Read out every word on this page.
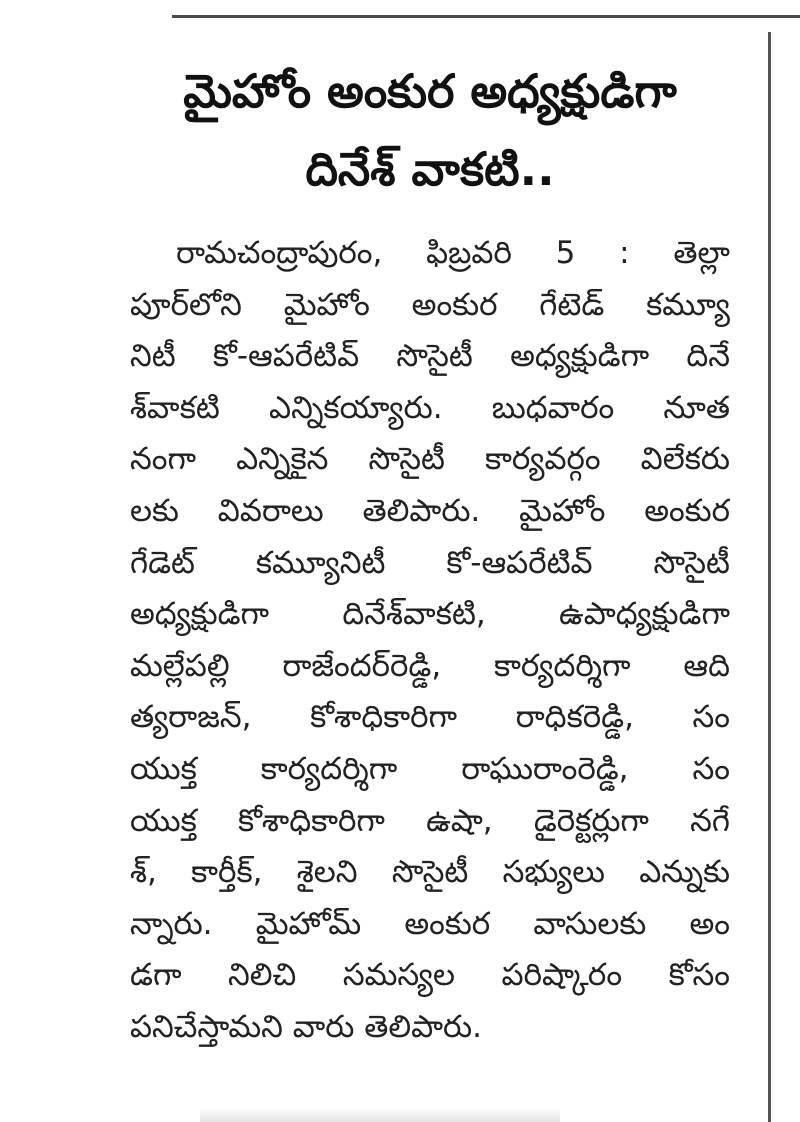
మైహోం అంకుర అధ్యక్షుడిగా
దినేశ్ వాకటి..
రామచంద్రాపురం, ఫిబ్రవరి 5 : తెల్లా
పూర్‌లోని మైహోం అంకుర గేటెడ్ కమ్యూ
నిటీ కో-ఆపరేటివ్ సొసైటీ అధ్యక్షుడిగా దినే
శ్‌వాకటి ఎన్నికయ్యారు. బుధవారం నూత
నంగా ఎన్నికైన సొసైటీ కార్యవర్గం విలేకరు
లకు వివరాలు తెలిపారు. మైహోం అంకుర
గేడెట్ కమ్యూనిటీ కో-ఆపరేటివ్ సొసైటీ
అధ్యక్షుడిగా దినేశ్‌వాకటి, ఉపాధ్యక్షుడిగా
మల్లేపల్లి రాజేందర్‌రెడ్డి, కార్యదర్శిగా ఆది
త్యరాజన్, కోశాధికారిగా రాధికరెడ్డి, సం
యుక్త కార్యదర్శిగా రాఘురాంరెడ్డి, సం
యుక్త కోశాధికారిగా ఉషా, డైరెక్టర్లుగా నగే
శ్, కార్తీక్, శైలని సొసైటీ సభ్యులు ఎన్నుకు
న్నారు. మైహోమ్ అంకుర వాసులకు అం
డగా నిలిచి సమస్యల పరిష్కారం కోసం
పనిచేస్తామని వారు తెలిపారు.
